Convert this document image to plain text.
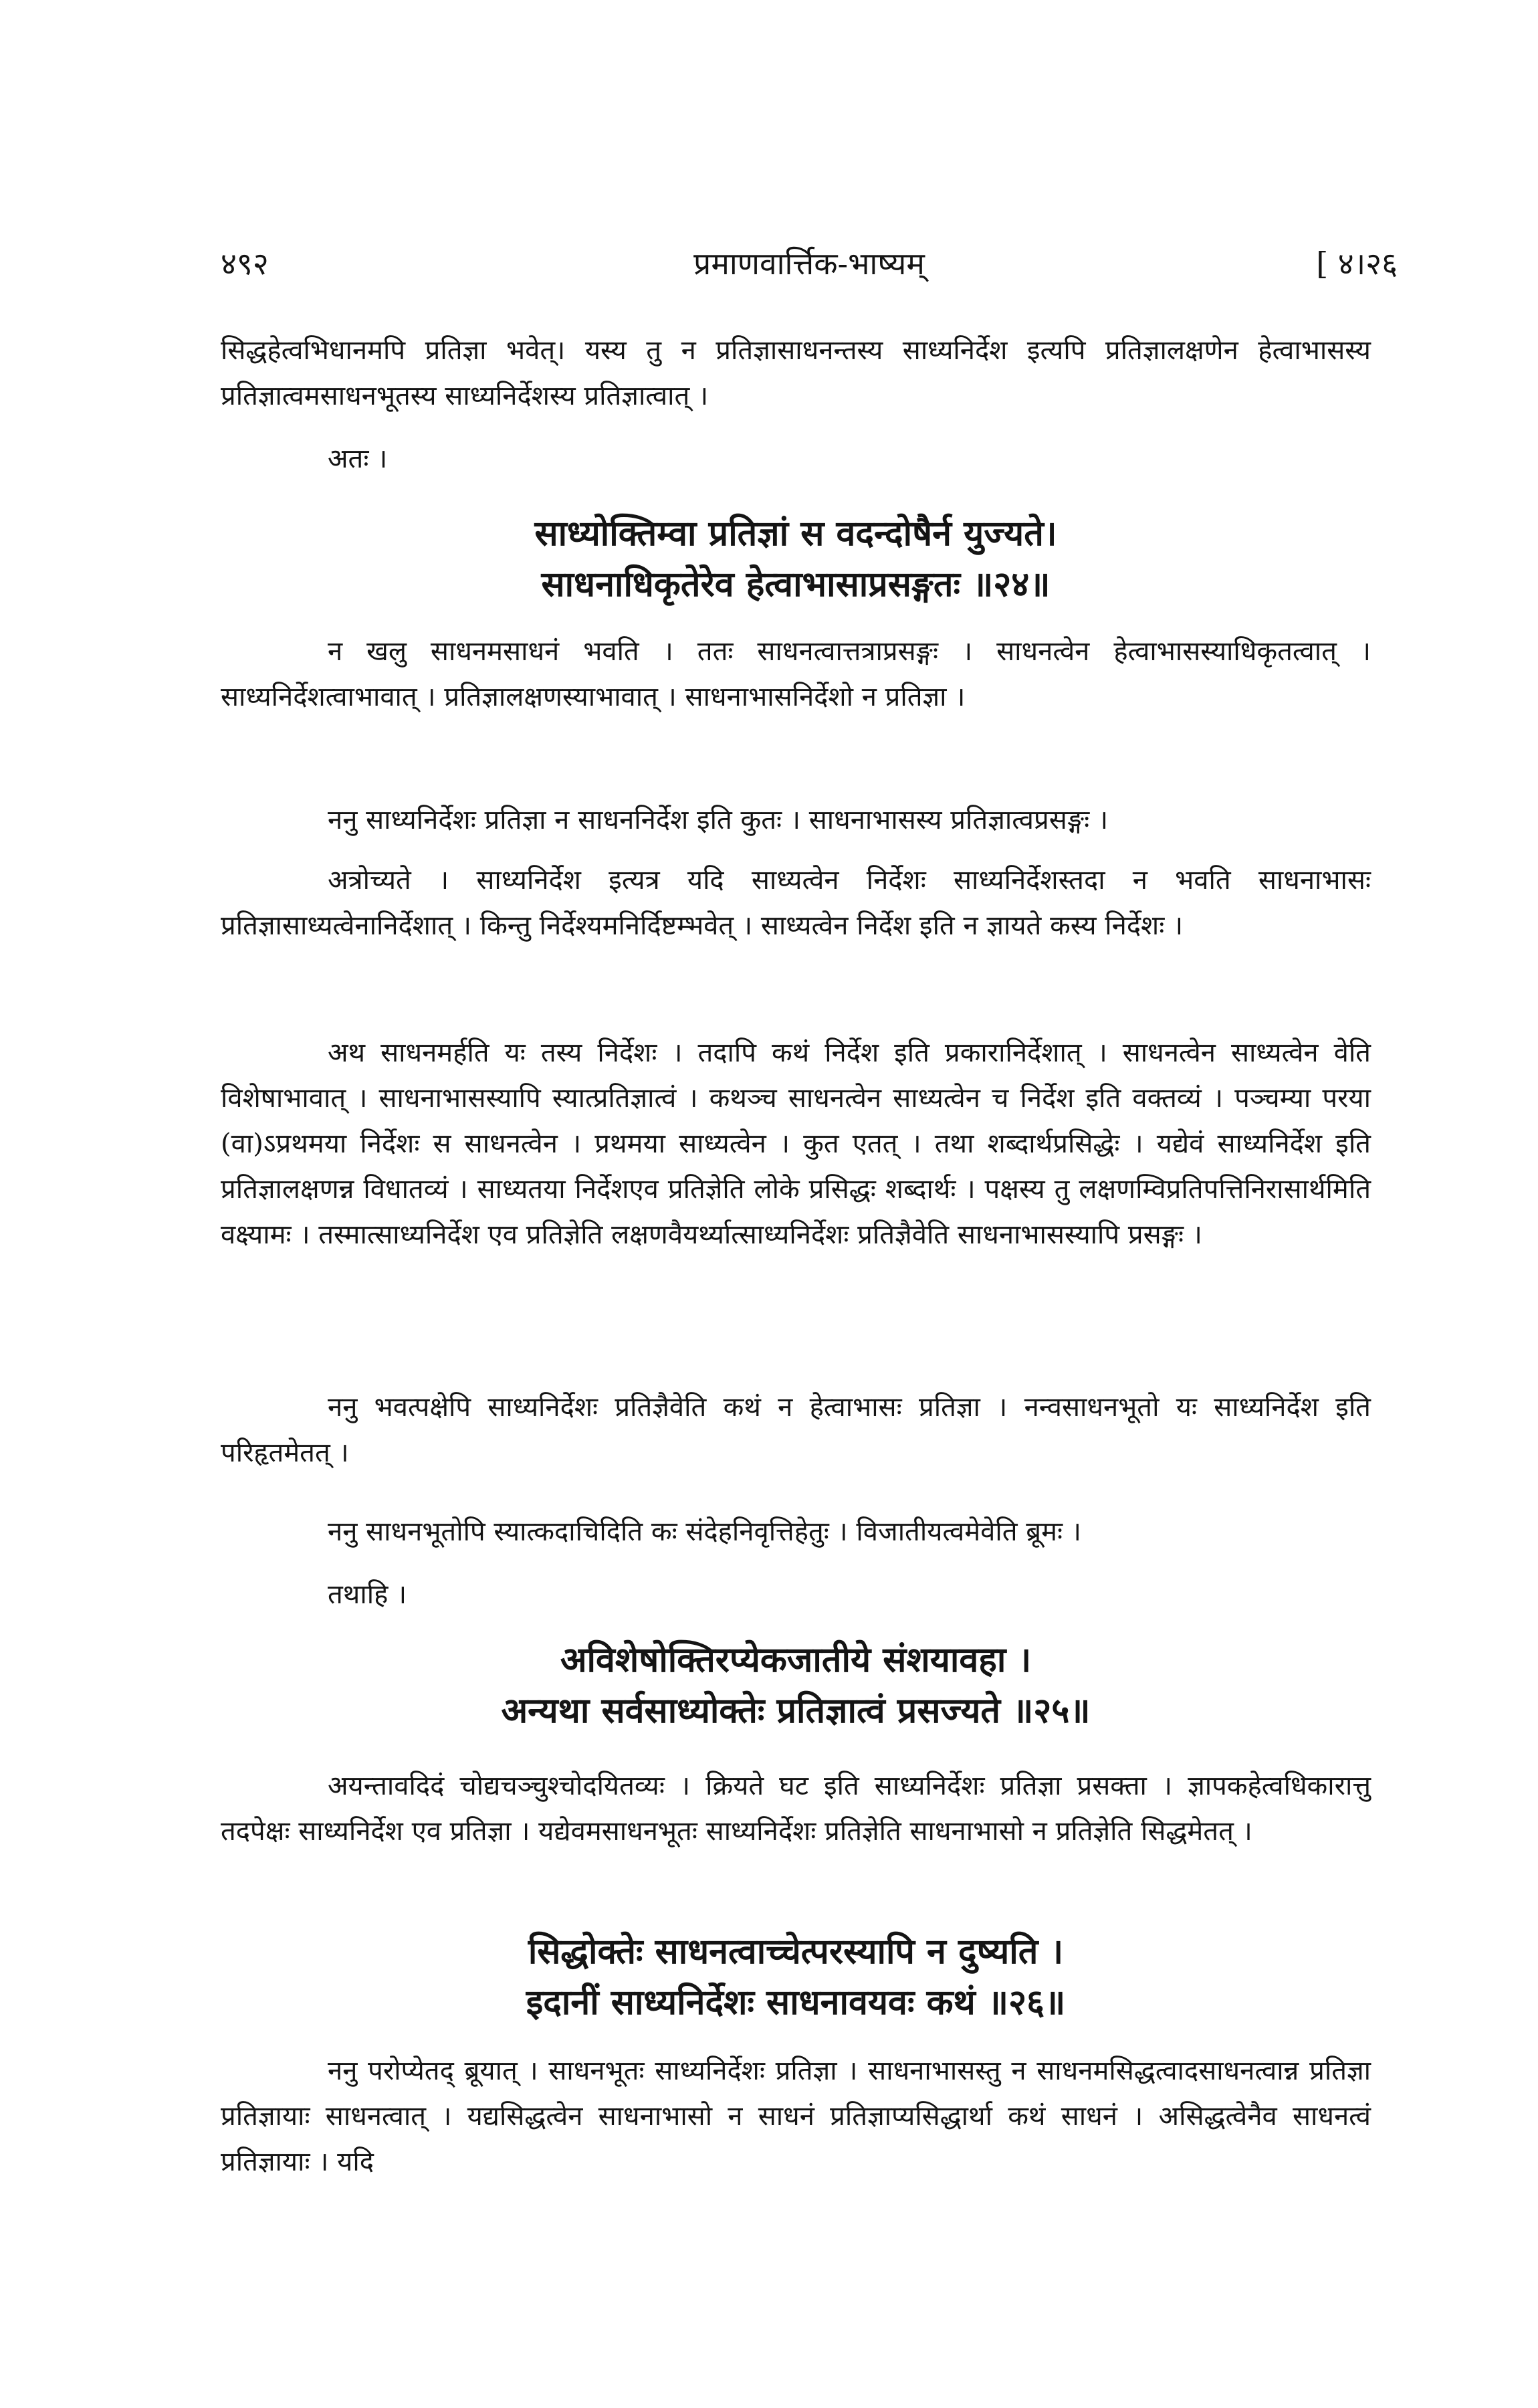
४९२	प्रमाणवार्त्तिक-भाष्यम्	[ ४।२६

सिद्धहेत्वभिधानमपि प्रतिज्ञा भवेत्। यस्य तु न प्रतिज्ञासाधनन्तस्य साध्यनिर्देश इत्यपि प्रतिज्ञालक्षणेन हेत्वाभासस्य प्रतिज्ञात्वमसाधनभूतस्य साध्यनिर्देशस्य प्रतिज्ञात्वात् ।

अतः ।
साध्योक्तिम्वा प्रतिज्ञां स वदन्दोषैर्न युज्यते।
साधनाधिकृतेरेव हेत्वाभासाप्रसङ्गतः ॥२४॥

न खलु साधनमसाधनं भवति । ततः साधनत्वात्तत्राप्रसङ्गः । साधनत्वेन हेत्वाभासस्याधिकृतत्वात् । साध्यनिर्देशत्वाभावात् । प्रतिज्ञालक्षणस्याभावात् । साधनाभासनिर्देशो न प्रतिज्ञा ।

ननु साध्यनिर्देशः प्रतिज्ञा न साधननिर्देश इति कुतः । साधनाभासस्य प्रतिज्ञात्वप्रसङ्गः ।

अत्रोच्यते । साध्यनिर्देश इत्यत्र यदि साध्यत्वेन निर्देशः साध्यनिर्देशस्तदा न भवति साधनाभासः प्रतिज्ञासाध्यत्वेनानिर्देशात् । किन्तु निर्देश्यमनिर्दिष्टम्भवेत् । साध्यत्वेन निर्देश इति न ज्ञायते कस्य निर्देशः ।

अथ साधनमर्हति यः तस्य निर्देशः । तदापि कथं निर्देश इति प्रकारानिर्देशात् । साधनत्वेन साध्यत्वेन वेति विशेषाभावात् । साधनाभासस्यापि स्यात्प्रतिज्ञात्वं । कथञ्च साधनत्वेन साध्यत्वेन च निर्देश इति वक्तव्यं । पञ्चम्या परया (वा)ऽप्रथमया निर्देशः स साधनत्वेन । प्रथमया साध्यत्वेन । कुत एतत् । तथा शब्दार्थप्रसिद्धेः । यद्येवं साध्यनिर्देश इति प्रतिज्ञालक्षणन्न विधातव्यं । साध्यतया निर्देशएव प्रतिज्ञेति लोके प्रसिद्धः शब्दार्थः । पक्षस्य तु लक्षणम्विप्रतिपत्तिनिरासार्थमिति वक्ष्यामः । तस्मात्साध्यनिर्देश एव प्रतिज्ञेति लक्षणवैयर्थ्यात्साध्यनिर्देशः प्रतिज्ञैवेति साधनाभासस्यापि प्रसङ्गः ।

ननु भवत्पक्षेपि साध्यनिर्देशः प्रतिज्ञैवेति कथं न हेत्वाभासः प्रतिज्ञा । नन्वसाधनभूतो यः साध्यनिर्देश इति परिहृतमेतत् ।

ननु साधनभूतोपि स्यात्कदाचिदिति कः संदेहनिवृत्तिहेतुः । विजातीयत्वमेवेति ब्रूमः ।

तथाहि ।
अविशेषोक्तिरप्येकजातीये संशयावहा ।
अन्यथा सर्वसाध्योक्तेः प्रतिज्ञात्वं प्रसज्यते ॥२५॥

अयन्तावदिदं चोद्यचञ्चुश्चोदयितव्यः । क्रियते घट इति साध्यनिर्देशः प्रतिज्ञा प्रसक्ता । ज्ञापकहेत्वधिकारात्तु तदपेक्षः साध्यनिर्देश एव प्रतिज्ञा । यद्येवमसाधनभूतः साध्यनिर्देशः प्रतिज्ञेति साधनाभासो न प्रतिज्ञेति सिद्धमेतत् ।

सिद्धोक्तेः साधनत्वाच्चेत्परस्यापि न दुष्यति ।
इदानीं साध्यनिर्देशः साधनावयवः कथं ॥२६॥

ननु परोप्येतद् ब्रूयात् । साधनभूतः साध्यनिर्देशः प्रतिज्ञा । साधनाभासस्तु न साधनमसिद्धत्वादसाधनत्वान्न प्रतिज्ञा प्रतिज्ञायाः साधनत्वात् । यद्यसिद्धत्वेन साधनाभासो न साधनं प्रतिज्ञाप्यसिद्धार्था कथं साधनं । असिद्धत्वेनैव साधनत्वं प्रतिज्ञायाः । यदि
